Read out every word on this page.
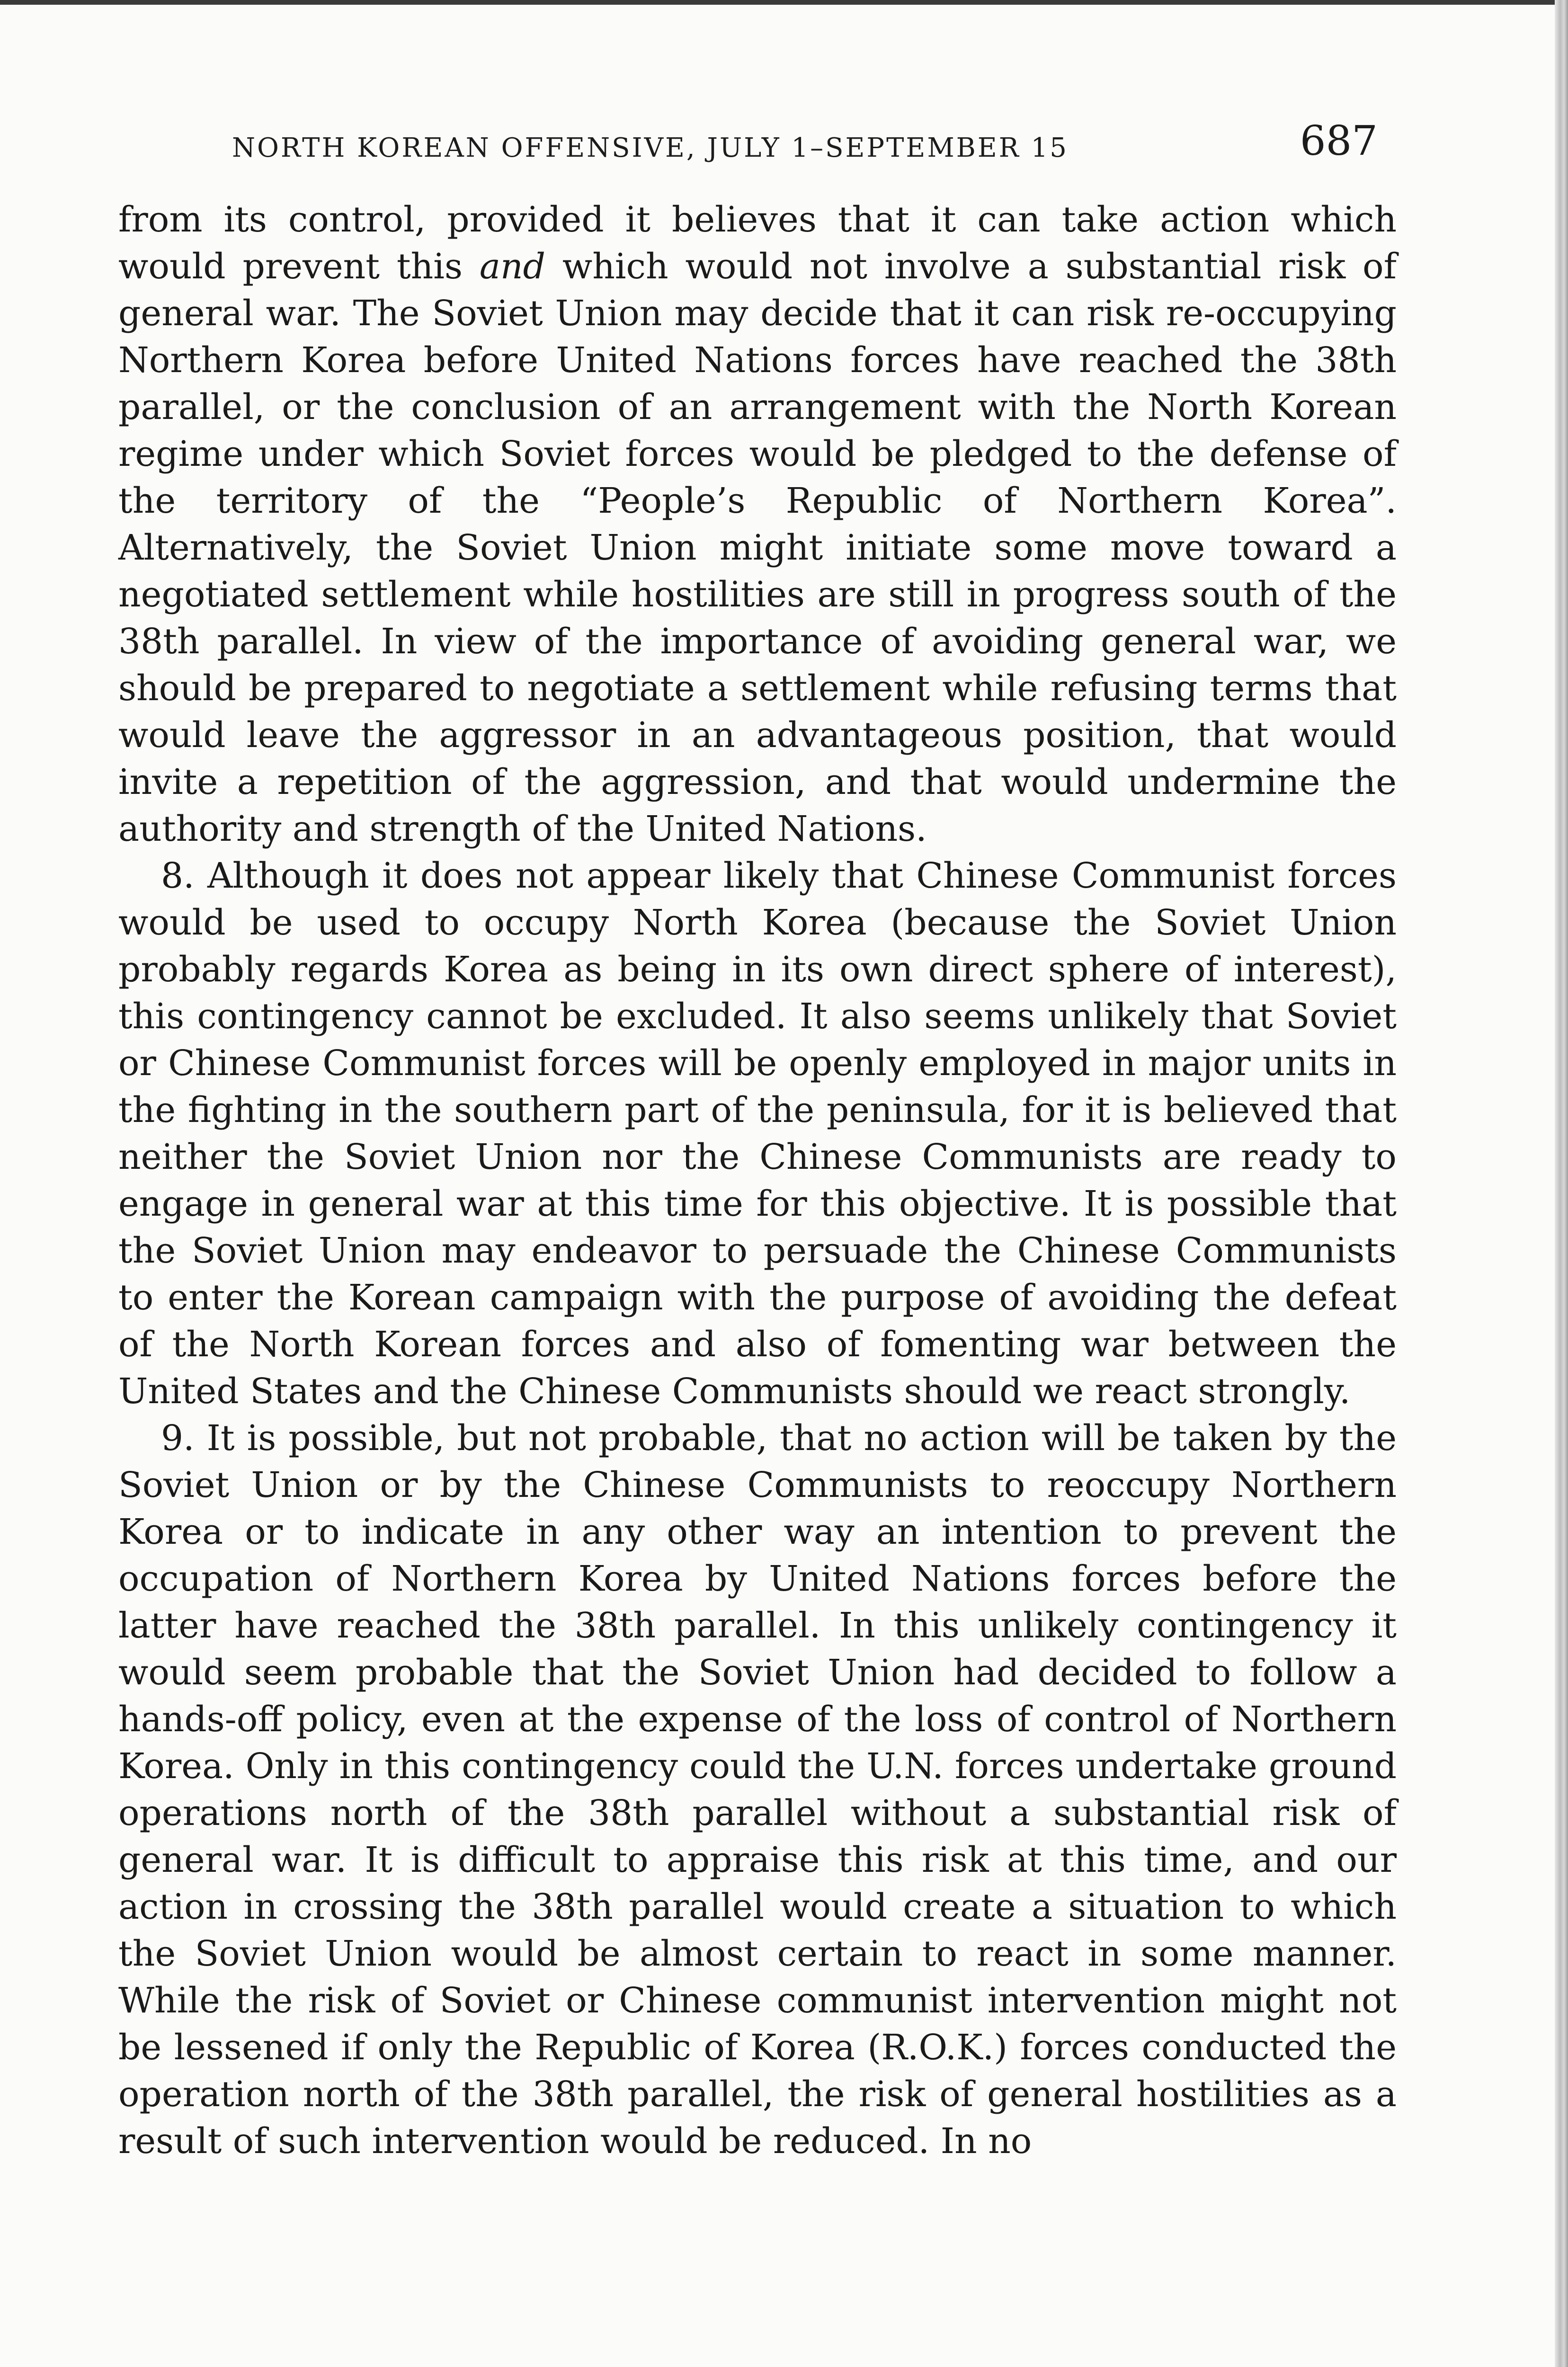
NORTH KOREAN OFFENSIVE, JULY 1–SEPTEMBER 15	687

from its control, provided it believes that it can take action which would prevent this and which would not involve a substantial risk of general war. The Soviet Union may decide that it can risk re-occupying Northern Korea before United Nations forces have reached the 38th parallel, or the conclusion of an arrangement with the North Korean regime under which Soviet forces would be pledged to the defense of the territory of the “People’s Republic of Northern Korea”. Alternatively, the Soviet Union might initiate some move toward a negotiated settlement while hostilities are still in progress south of the 38th parallel. In view of the importance of avoiding general war, we should be prepared to negotiate a settlement while refusing terms that would leave the aggressor in an advantageous position, that would invite a repetition of the aggression, and that would undermine the authority and strength of the United Nations.

8. Although it does not appear likely that Chinese Communist forces would be used to occupy North Korea (because the Soviet Union probably regards Korea as being in its own direct sphere of interest), this contingency cannot be excluded. It also seems unlikely that Soviet or Chinese Communist forces will be openly employed in major units in the fighting in the southern part of the peninsula, for it is believed that neither the Soviet Union nor the Chinese Communists are ready to engage in general war at this time for this objective. It is possible that the Soviet Union may endeavor to persuade the Chinese Communists to enter the Korean campaign with the purpose of avoiding the defeat of the North Korean forces and also of fomenting war between the United States and the Chinese Communists should we react strongly.

9. It is possible, but not probable, that no action will be taken by the Soviet Union or by the Chinese Communists to reoccupy Northern Korea or to indicate in any other way an intention to prevent the occupation of Northern Korea by United Nations forces before the latter have reached the 38th parallel. In this unlikely contingency it would seem probable that the Soviet Union had decided to follow a hands-off policy, even at the expense of the loss of control of Northern Korea. Only in this contingency could the U.N. forces undertake ground operations north of the 38th parallel without a substantial risk of general war. It is difficult to appraise this risk at this time, and our action in crossing the 38th parallel would create a situation to which the Soviet Union would be almost certain to react in some manner. While the risk of Soviet or Chinese communist intervention might not be lessened if only the Republic of Korea (R.O.K.) forces conducted the operation north of the 38th parallel, the risk of general hostilities as a result of such intervention would be reduced. In no
